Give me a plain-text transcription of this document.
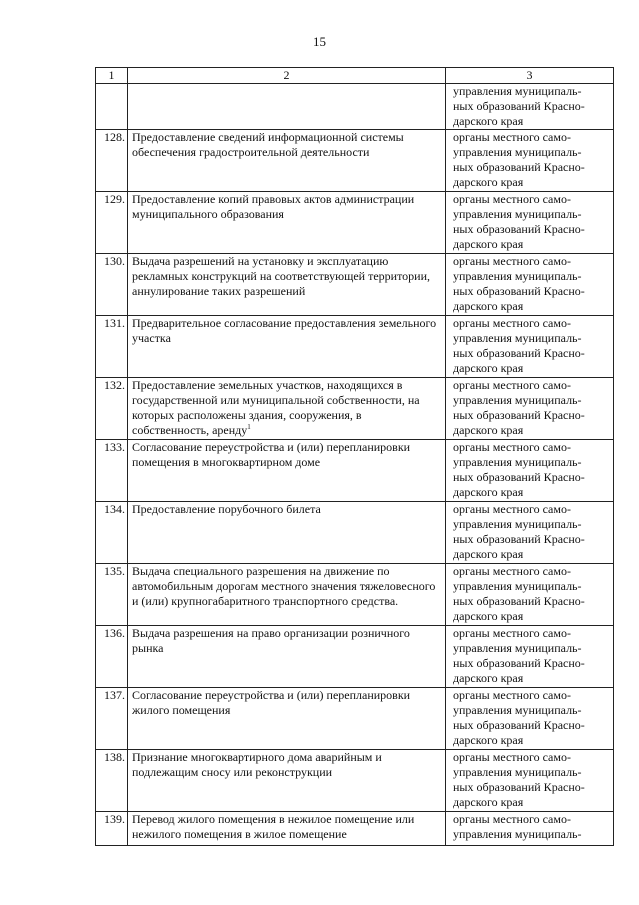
15
1	2	3
		управления муниципаль-
ных образований Красно-
дарского края
128.	Предоставление сведений информационной системы обеспечения градостроительной деятельности	органы местного само-
управления муниципаль-
ных образований Красно-
дарского края
129.	Предоставление копий правовых актов администрации муниципального образования	органы местного само-
управления муниципаль-
ных образований Красно-
дарского края
130.	Выдача разрешений на установку и эксплуатацию рекламных конструкций на соответствующей территории, аннулирование таких разрешений	органы местного само-
управления муниципаль-
ных образований Красно-
дарского края
131.	Предварительное согласование предоставления земельного участка	органы местного само-
управления муниципаль-
ных образований Красно-
дарского края
132.	Предоставление земельных участков, находящихся в государственной или муниципальной собственности, на которых расположены здания, сооружения, в собственность, аренду$^1$	органы местного само-
управления муниципаль-
ных образований Красно-
дарского края
133.	Согласование переустройства и (или) перепланировки помещения в многоквартирном доме	органы местного само-
управления муниципаль-
ных образований Красно-
дарского края
134.	Предоставление порубочного билета	органы местного само-
управления муниципаль-
ных образований Красно-
дарского края
135.	Выдача специального разрешения на движение по автомобильным дорогам местного значения тяжеловесного и (или) крупногабаритного транспортного средства.	органы местного само-
управления муниципаль-
ных образований Красно-
дарского края
136.	Выдача разрешения на право организации розничного рынка	органы местного само-
управления муниципаль-
ных образований Красно-
дарского края
137.	Согласование переустройства и (или) перепланировки жилого помещения	органы местного само-
управления муниципаль-
ных образований Красно-
дарского края
138.	Признание многоквартирного дома аварийным и подлежащим сносу или реконструкции	органы местного само-
управления муниципаль-
ных образований Красно-
дарского края
139.	Перевод жилого помещения в нежилое помещение или нежилого помещения в жилое помещение	органы местного само-
управления муниципаль-
